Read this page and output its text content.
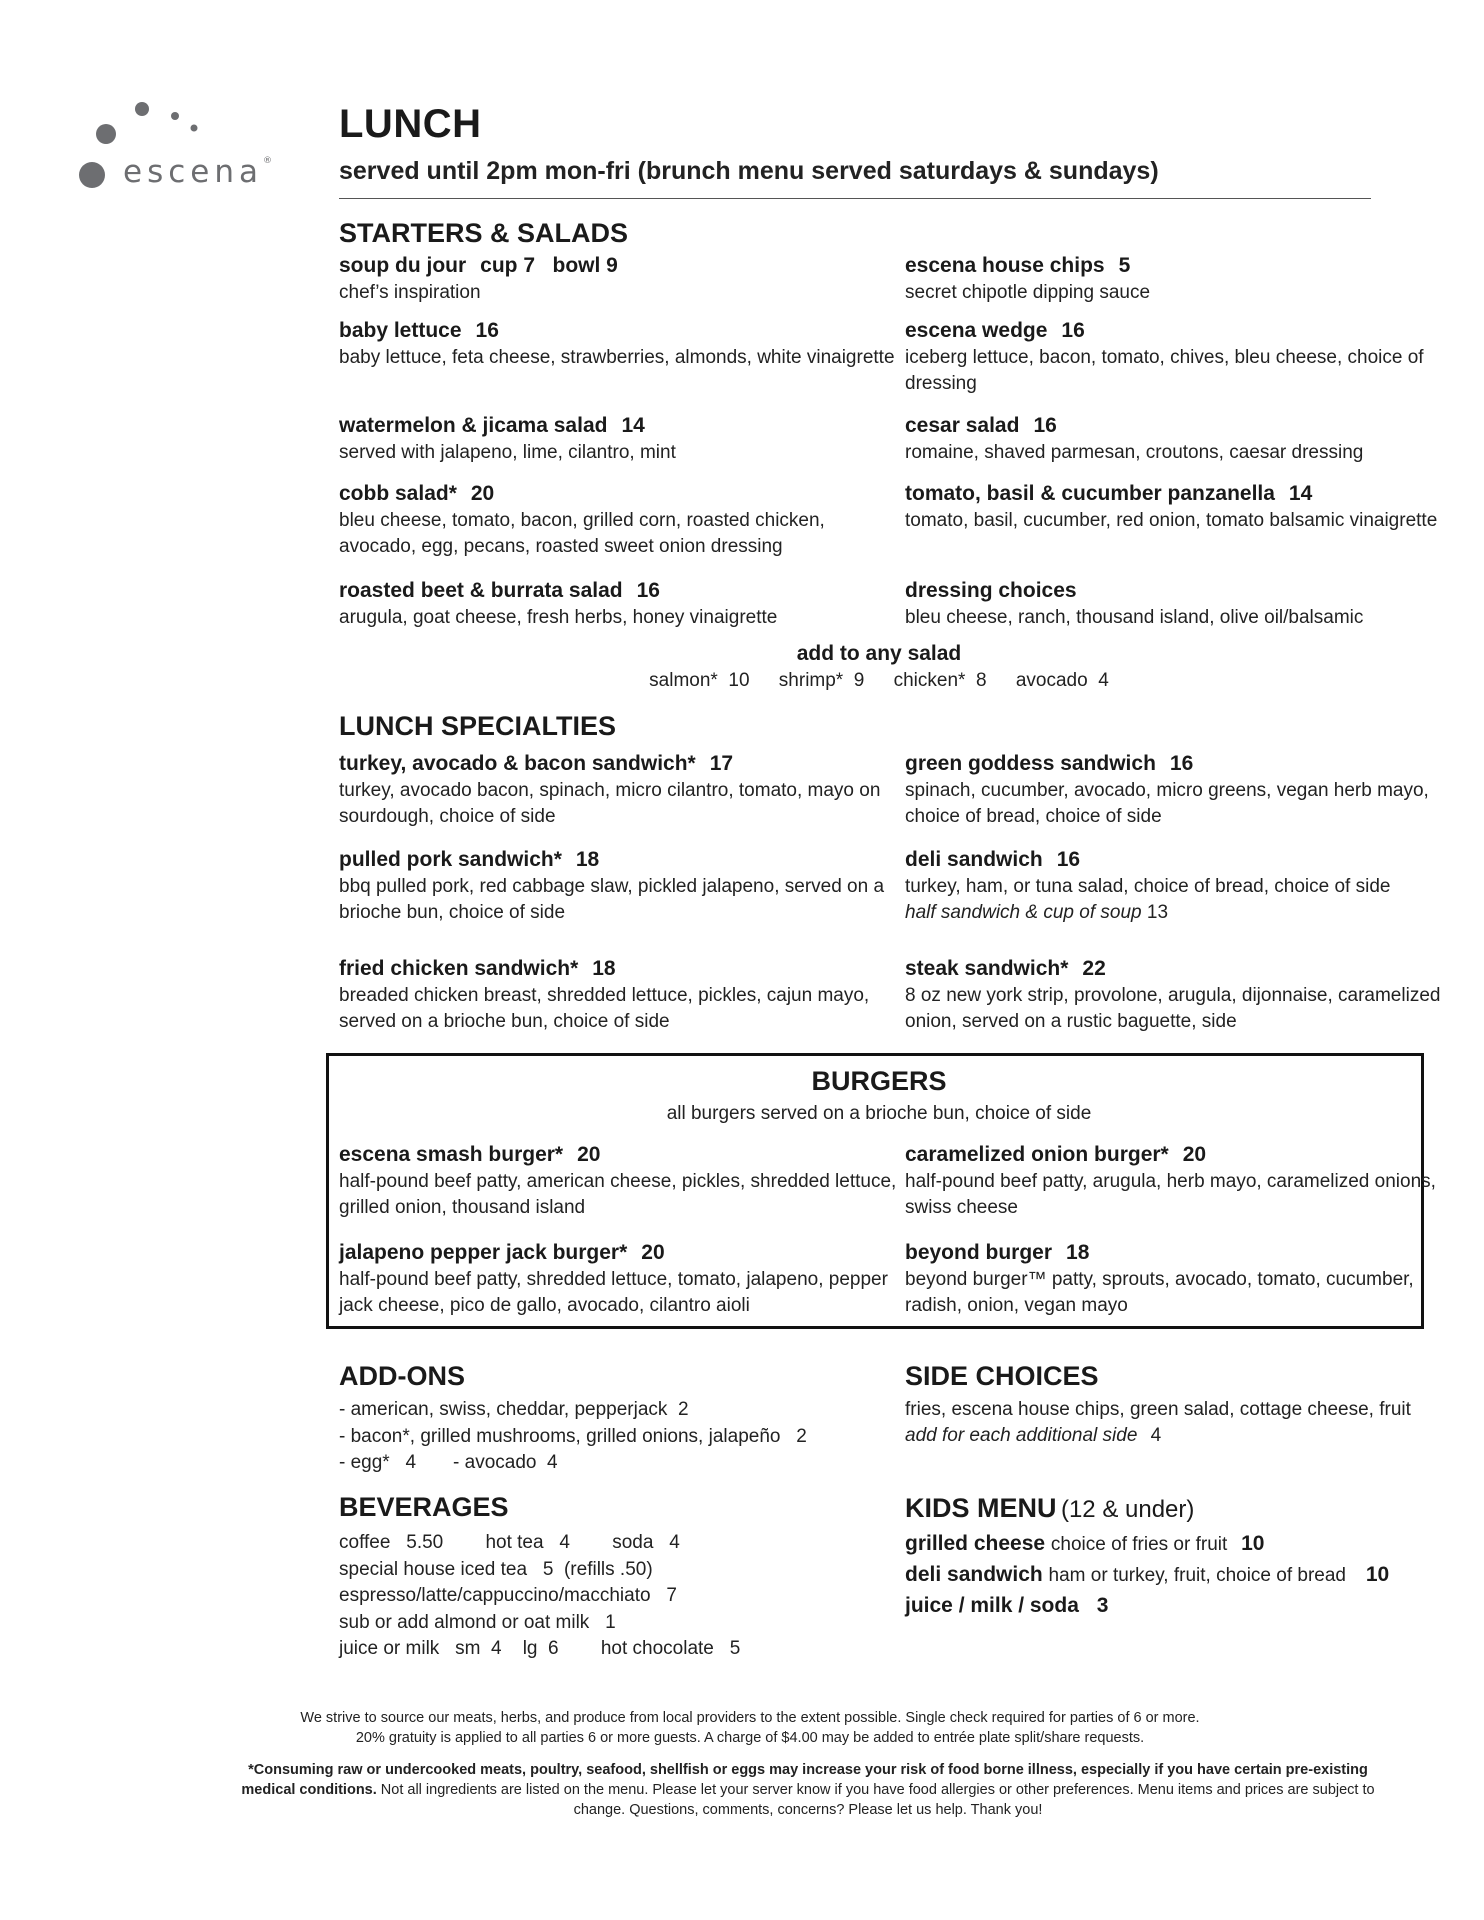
escena®
LUNCH
served until 2pm mon-fri (brunch menu served saturdays & sundays)
STARTERS & SALADS
soup du jour cup 7   bowl 9
chef’s inspiration
baby lettuce 16
baby lettuce, feta cheese, strawberries, almonds, white vinaigrette
watermelon & jicama salad 14
served with jalapeno, lime, cilantro, mint
cobb salad* 20
bleu cheese, tomato, bacon, grilled corn, roasted chicken, avocado, egg, pecans, roasted sweet onion dressing
roasted beet & burrata salad 16
arugula, goat cheese, fresh herbs, honey vinaigrette
escena house chips 5
secret chipotle dipping sauce
escena wedge 16
iceberg lettuce, bacon, tomato, chives, bleu cheese, choice of dressing
cesar salad 16
romaine, shaved parmesan, croutons, caesar dressing
tomato, basil & cucumber panzanella 14
tomato, basil, cucumber, red onion, tomato balsamic vinaigrette
dressing choices
bleu cheese, ranch, thousand island, olive oil/balsamic
add to any salad
salmon*  10 shrimp*  9 chicken*  8 avocado  4
LUNCH SPECIALTIES
turkey, avocado & bacon sandwich* 17
turkey, avocado bacon, spinach, micro cilantro, tomato, mayo on sourdough, choice of side
pulled pork sandwich* 18
bbq pulled pork, red cabbage slaw, pickled jalapeno, served on a brioche bun, choice of side
fried chicken sandwich* 18
breaded chicken breast, shredded lettuce, pickles, cajun mayo, served on a brioche bun, choice of side
green goddess sandwich 16
spinach, cucumber, avocado, micro greens, vegan herb mayo, choice of bread, choice of side
deli sandwich 16
turkey, ham, or tuna salad, choice of bread, choice of side
half sandwich & cup of soup 13
steak sandwich* 22
8 oz new york strip, provolone, arugula, dijonnaise, caramelized onion, served on a rustic baguette, side
BURGERS
all burgers served on a brioche bun, choice of side
escena smash burger* 20
half-pound beef patty, american cheese, pickles, shredded lettuce, grilled onion, thousand island
jalapeno pepper jack burger* 20
half-pound beef patty, shredded lettuce, tomato, jalapeno, pepper jack cheese, pico de gallo, avocado, cilantro aioli
caramelized onion burger* 20
half-pound beef patty, arugula, herb mayo, caramelized onions, swiss cheese
beyond burger 18
beyond burger™ patty, sprouts, avocado, tomato, cucumber, radish, onion, vegan mayo
ADD-ONS
- american, swiss, cheddar, pepperjack  2
- bacon*, grilled mushrooms, grilled onions, jalapeño   2
- egg*   4       - avocado  4
BEVERAGES
coffee   5.50        hot tea   4        soda   4
special house iced tea   5  (refills .50)
espresso/latte/cappuccino/macchiato   7
sub or add almond or oat milk   1
juice or milk   sm  4    lg  6        hot chocolate   5
SIDE CHOICES
fries, escena house chips, green salad, cottage cheese, fruit
add for each additional side 4
KIDS MENU (12 & under)
grilled cheese choice of fries or fruit 10
deli sandwich ham or turkey, fruit, choice of bread 10
juice / milk / soda 3
We strive to source our meats, herbs, and produce from local providers to the extent possible. Single check required for parties of 6 or more.
20% gratuity is applied to all parties 6 or more guests. A charge of $4.00 may be added to entrée plate split/share requests.
*Consuming raw or undercooked meats, poultry, seafood, shellfish or eggs may increase your risk of food borne illness, especially if you have certain pre-existing medical conditions. Not all ingredients are listed on the menu. Please let your server know if you have food allergies or other preferences. Menu items and prices are subject to change. Questions, comments, concerns? Please let us help. Thank you!
